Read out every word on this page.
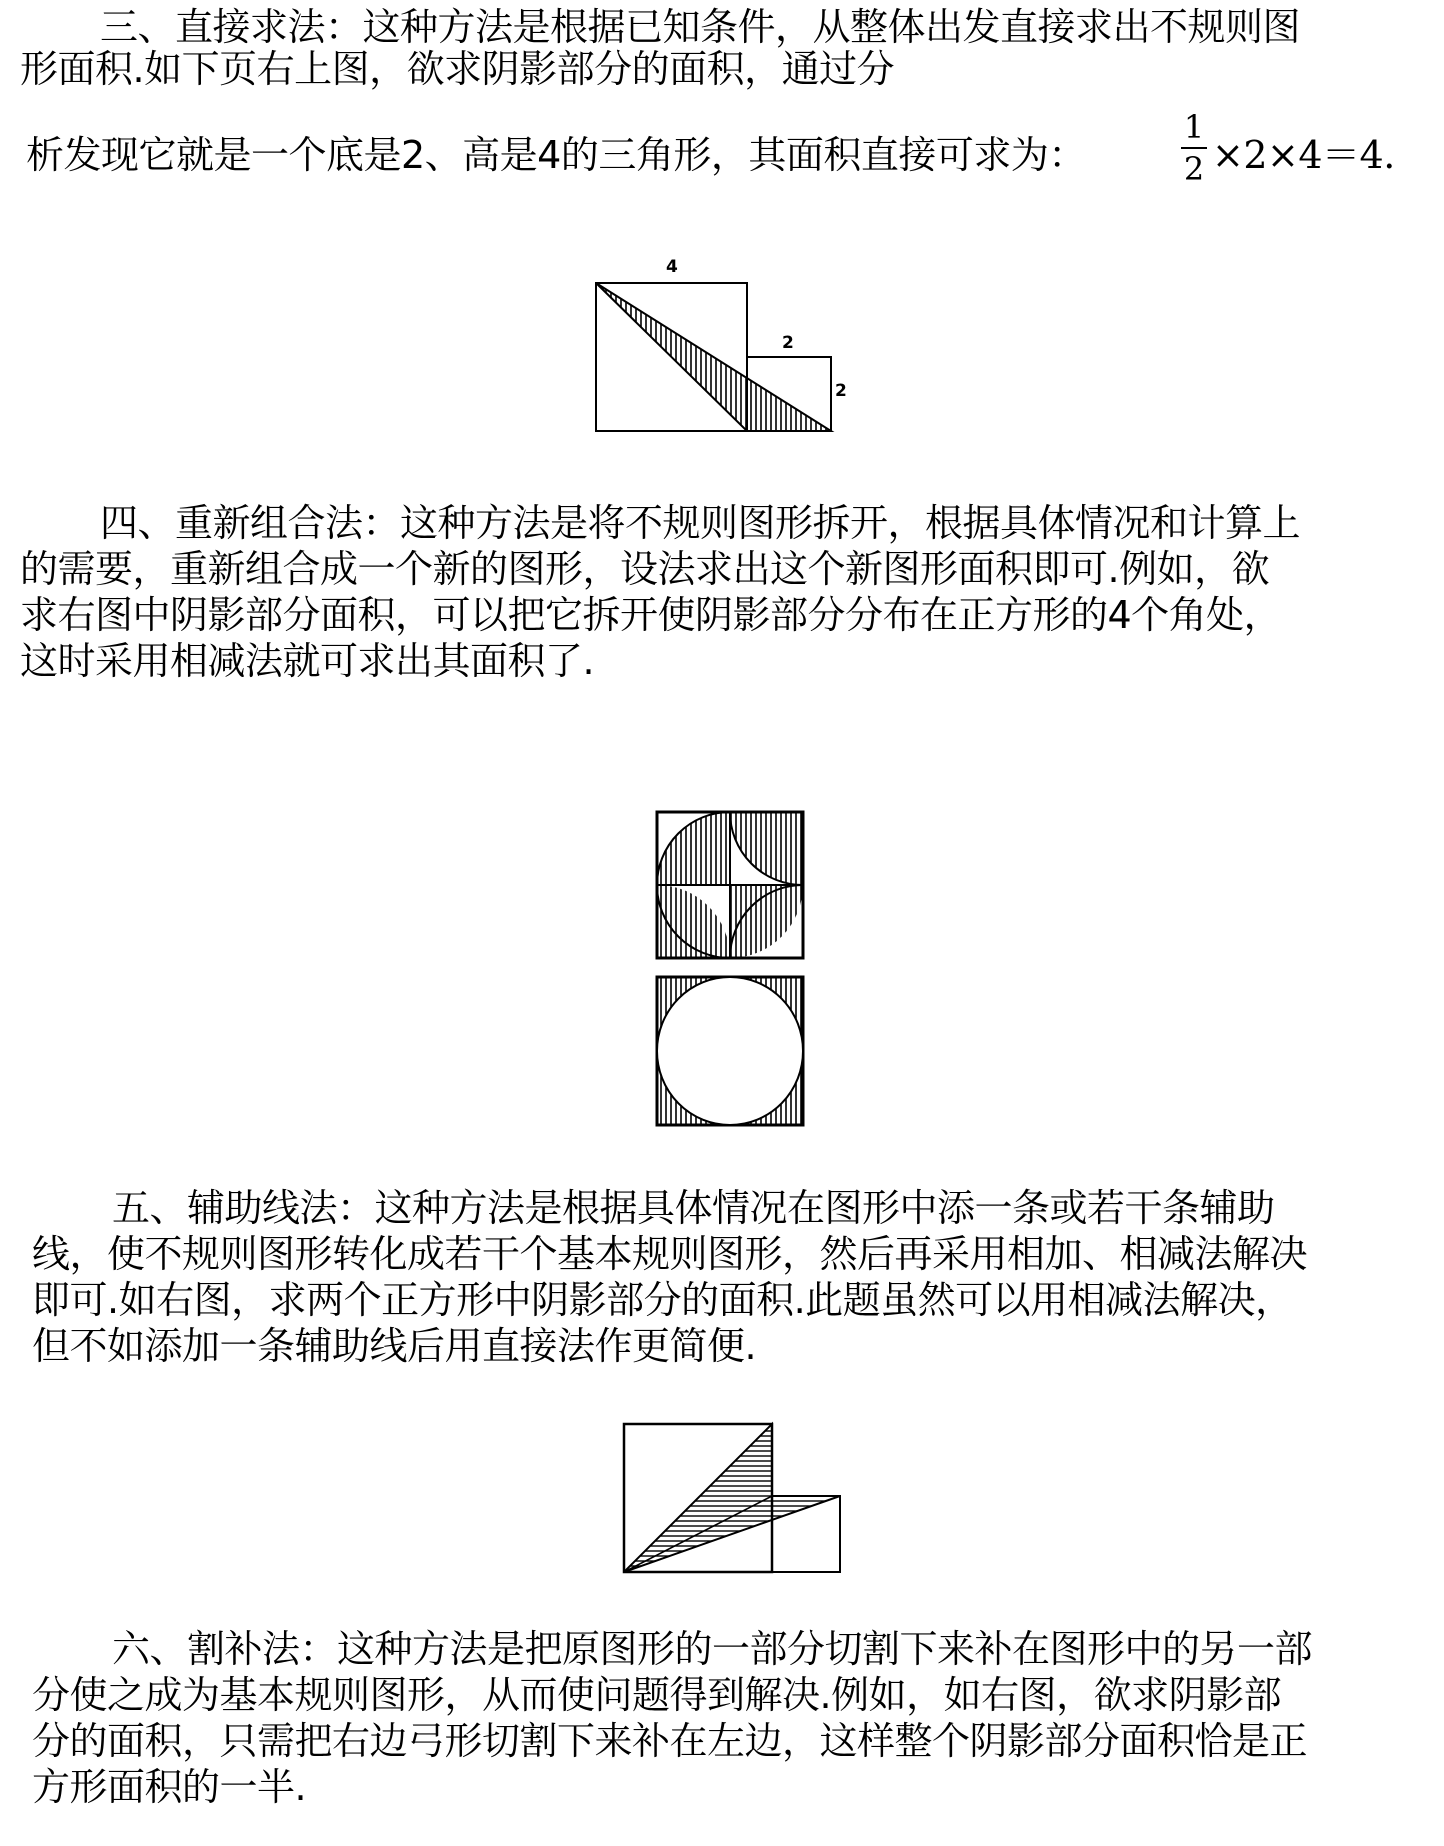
三、直接求法：这种方法是根据已知条件，从整体出发直接求出不规则图

形面积.如下页右上图，欲求阴影部分的面积，通过分

析发现它就是一个底是2、高是4的三角形，其面积直接可求为：

1
2 ×2×4＝4.

4
2
2

四、重新组合法：这种方法是将不规则图形拆开，根据具体情况和计算上

的需要，重新组合成一个新的图形，设法求出这个新图形面积即可.例如，欲

求右图中阴影部分面积，可以把它拆开使阴影部分分布在正方形的4个角处，

这时采用相减法就可求出其面积了.

五、辅助线法：这种方法是根据具体情况在图形中添一条或若干条辅助

线，使不规则图形转化成若干个基本规则图形，然后再采用相加、相减法解决

即可.如右图，求两个正方形中阴影部分的面积.此题虽然可以用相减法解决，

但不如添加一条辅助线后用直接法作更简便.

六、割补法：这种方法是把原图形的一部分切割下来补在图形中的另一部

分使之成为基本规则图形，从而使问题得到解决.例如，如右图，欲求阴影部

分的面积，只需把右边弓形切割下来补在左边，这样整个阴影部分面积恰是正

方形面积的一半.
